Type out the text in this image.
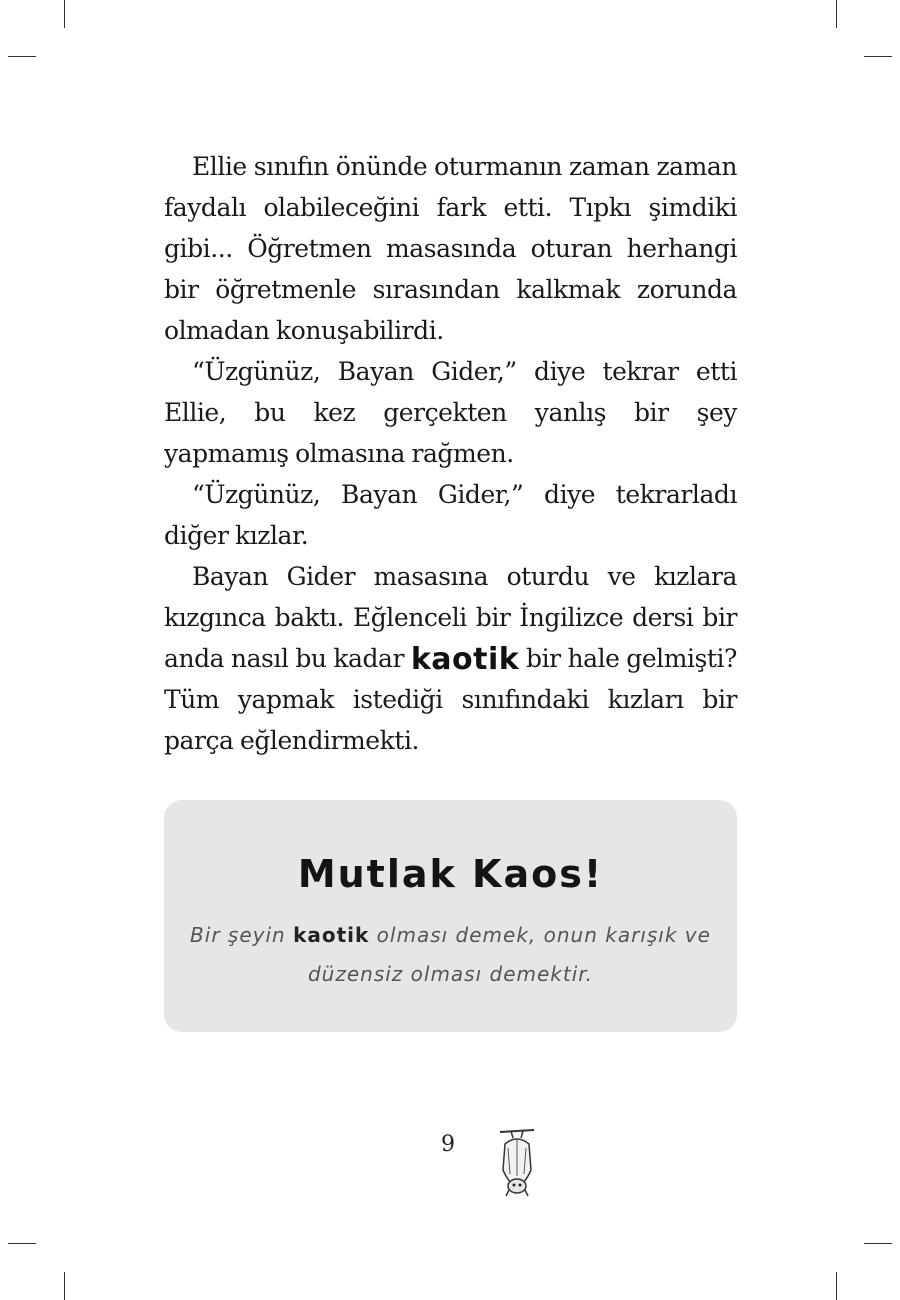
Ellie sınıfın önünde oturmanın zaman zaman faydalı olabileceğini fark etti. Tıpkı şimdiki gibi... Öğretmen masasında oturan herhangi bir öğretmenle sırasından kalkmak zorunda olmadan konuşabilirdi.

“Üzgünüz, Bayan Gider,” diye tekrar etti Ellie, bu kez gerçekten yanlış bir şey yapmamış olmasına rağmen.

“Üzgünüz, Bayan Gider,” diye tekrarladı diğer kızlar.

Bayan Gider masasına oturdu ve kızlara kızgınca baktı. Eğlenceli bir İngilizce dersi bir anda nasıl bu kadar kaotik bir hale gelmişti? Tüm yapmak istediği sınıfındaki kızları bir parça eğlendirmekti.

Mutlak Kaos!
Bir şeyin kaotik olması demek, onun karışık ve düzensiz olması demektir.
9
